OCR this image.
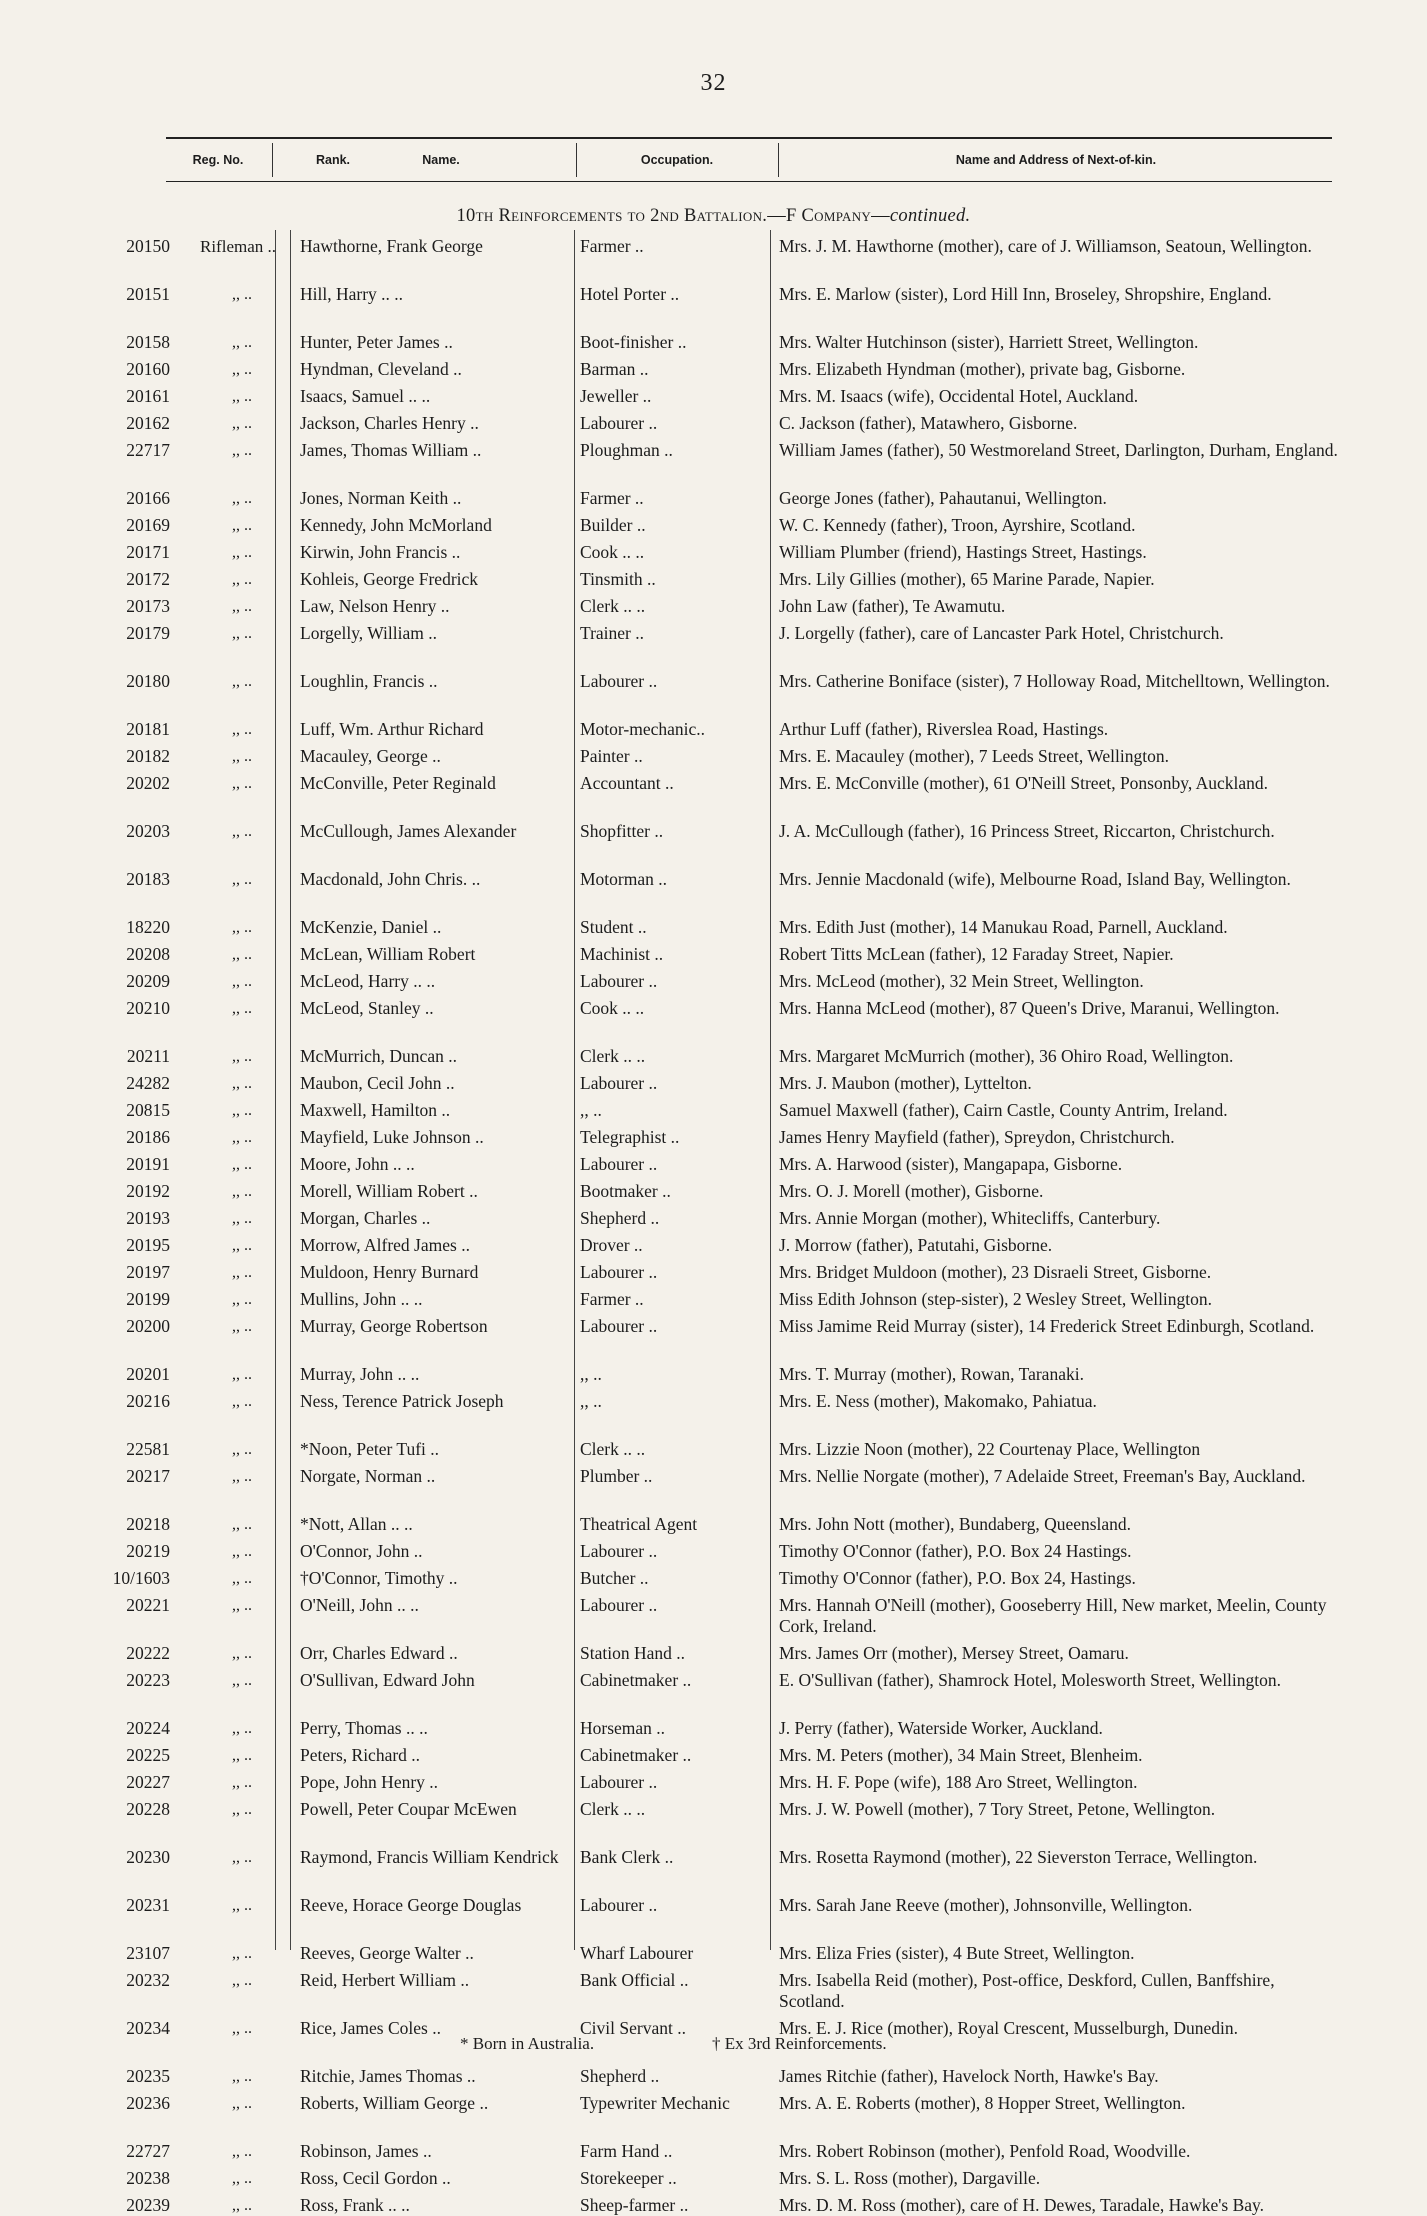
32
Reg. No.	Rank.	Name.	Occupation.	Name and Address of Next-of-kin.
10th Reinforcements to 2nd Battalion.—F Company—continued.
20150 Rifleman ..	Hawthorne, Frank George	Farmer ..	Mrs. J. M. Hawthorne (mother), care of J. Williamson, Seatoun, Wellington.
20151	,, ..	Hill, Harry .. ..	Hotel Porter ..	Mrs. E. Marlow (sister), Lord Hill Inn, Broseley, Shropshire, England.
20158	,, ..	Hunter, Peter James ..	Boot-finisher ..	Mrs. Walter Hutchinson (sister), Harriett Street, Wellington.
20160	,, ..	Hyndman, Cleveland ..	Barman ..	Mrs. Elizabeth Hyndman (mother), private bag, Gisborne.
20161	,, ..	Isaacs, Samuel .. ..	Jeweller ..	Mrs. M. Isaacs (wife), Occidental Hotel, Auckland.
20162	,, ..	Jackson, Charles Henry ..	Labourer ..	C. Jackson (father), Matawhero, Gisborne.
22717	,, ..	James, Thomas William ..	Ploughman ..	William James (father), 50 Westmoreland Street, Darlington, Durham, England.
20166	,, ..	Jones, Norman Keith ..	Farmer ..	George Jones (father), Pahautanui, Wellington.
20169	,, ..	Kennedy, John McMorland	Builder ..	W. C. Kennedy (father), Troon, Ayrshire, Scotland.
20171	,, ..	Kirwin, John Francis ..	Cook .. ..	William Plumber (friend), Hastings Street, Hastings.
20172	,, ..	Kohleis, George Fredrick	Tinsmith ..	Mrs. Lily Gillies (mother), 65 Marine Parade, Napier.
20173	,, ..	Law, Nelson Henry ..	Clerk .. ..	John Law (father), Te Awamutu.
20179	,, ..	Lorgelly, William ..	Trainer ..	J. Lorgelly (father), care of Lancaster Park Hotel, Christchurch.
20180	,, ..	Loughlin, Francis ..	Labourer ..	Mrs. Catherine Boniface (sister), 7 Holloway Road, Mitchelltown, Wellington.
20181	,, ..	Luff, Wm. Arthur Richard	Motor-mechanic..	Arthur Luff (father), Riverslea Road, Hastings.
20182	,, ..	Macauley, George ..	Painter ..	Mrs. E. Macauley (mother), 7 Leeds Street, Wellington.
20202	,, ..	McConville, Peter Reginald	Accountant ..	Mrs. E. McConville (mother), 61 O'Neill Street, Ponsonby, Auckland.
20203	,, ..	McCullough, James Alexander	Shopfitter ..	J. A. McCullough (father), 16 Princess Street, Riccarton, Christchurch.
20183	,, ..	Macdonald, John Chris. ..	Motorman ..	Mrs. Jennie Macdonald (wife), Melbourne Road, Island Bay, Wellington.
18220	,, ..	McKenzie, Daniel ..	Student ..	Mrs. Edith Just (mother), 14 Manukau Road, Parnell, Auckland.
20208	,, ..	McLean, William Robert	Machinist ..	Robert Titts McLean (father), 12 Faraday Street, Napier.
20209	,, ..	McLeod, Harry .. ..	Labourer ..	Mrs. McLeod (mother), 32 Mein Street, Wellington.
20210	,, ..	McLeod, Stanley ..	Cook .. ..	Mrs. Hanna McLeod (mother), 87 Queen's Drive, Maranui, Wellington.
20211	,, ..	McMurrich, Duncan ..	Clerk .. ..	Mrs. Margaret McMurrich (mother), 36 Ohiro Road, Wellington.
24282	,, ..	Maubon, Cecil John ..	Labourer ..	Mrs. J. Maubon (mother), Lyttelton.
20815	,, ..	Maxwell, Hamilton ..	,, ..	Samuel Maxwell (father), Cairn Castle, County Antrim, Ireland.
20186	,, ..	Mayfield, Luke Johnson ..	Telegraphist ..	James Henry Mayfield (father), Spreydon, Christchurch.
20191	,, ..	Moore, John .. ..	Labourer ..	Mrs. A. Harwood (sister), Mangapapa, Gisborne.
20192	,, ..	Morell, William Robert ..	Bootmaker ..	Mrs. O. J. Morell (mother), Gisborne.
20193	,, ..	Morgan, Charles ..	Shepherd ..	Mrs. Annie Morgan (mother), Whitecliffs, Canterbury.
20195	,, ..	Morrow, Alfred James ..	Drover ..	J. Morrow (father), Patutahi, Gisborne.
20197	,, ..	Muldoon, Henry Burnard	Labourer ..	Mrs. Bridget Muldoon (mother), 23 Disraeli Street, Gisborne.
20199	,, ..	Mullins, John .. ..	Farmer ..	Miss Edith Johnson (step-sister), 2 Wesley Street, Wellington.
20200	,, ..	Murray, George Robertson	Labourer ..	Miss Jamime Reid Murray (sister), 14 Frederick Street Edinburgh, Scotland.
20201	,, ..	Murray, John .. ..	,, ..	Mrs. T. Murray (mother), Rowan, Taranaki.
20216	,, ..	Ness, Terence Patrick Joseph	,, ..	Mrs. E. Ness (mother), Makomako, Pahiatua.
22581	,, ..	*Noon, Peter Tufi ..	Clerk .. ..	Mrs. Lizzie Noon (mother), 22 Courtenay Place, Wellington
20217	,, ..	Norgate, Norman ..	Plumber ..	Mrs. Nellie Norgate (mother), 7 Adelaide Street, Freeman's Bay, Auckland.
20218	,, ..	*Nott, Allan .. ..	Theatrical Agent	Mrs. John Nott (mother), Bundaberg, Queensland.
20219	,, ..	O'Connor, John ..	Labourer ..	Timothy O'Connor (father), P.O. Box 24 Hastings.
10/1603	,, ..	†O'Connor, Timothy ..	Butcher ..	Timothy O'Connor (father), P.O. Box 24, Hastings.
20221	,, ..	O'Neill, John .. ..	Labourer ..	Mrs. Hannah O'Neill (mother), Gooseberry Hill, New market, Meelin, County Cork, Ireland.
20222	,, ..	Orr, Charles Edward ..	Station Hand ..	Mrs. James Orr (mother), Mersey Street, Oamaru.
20223	,, ..	O'Sullivan, Edward John	Cabinetmaker ..	E. O'Sullivan (father), Shamrock Hotel, Molesworth Street, Wellington.
20224	,, ..	Perry, Thomas .. ..	Horseman ..	J. Perry (father), Waterside Worker, Auckland.
20225	,, ..	Peters, Richard ..	Cabinetmaker ..	Mrs. M. Peters (mother), 34 Main Street, Blenheim.
20227	,, ..	Pope, John Henry ..	Labourer ..	Mrs. H. F. Pope (wife), 188 Aro Street, Wellington.
20228	,, ..	Powell, Peter Coupar McEwen	Clerk .. ..	Mrs. J. W. Powell (mother), 7 Tory Street, Petone, Wellington.
20230	,, ..	Raymond, Francis William Kendrick	Bank Clerk ..	Mrs. Rosetta Raymond (mother), 22 Sieverston Terrace, Wellington.
20231	,, ..	Reeve, Horace George Douglas	Labourer ..	Mrs. Sarah Jane Reeve (mother), Johnsonville, Wellington.
23107	,, ..	Reeves, George Walter ..	Wharf Labourer	Mrs. Eliza Fries (sister), 4 Bute Street, Wellington.
20232	,, ..	Reid, Herbert William ..	Bank Official ..	Mrs. Isabella Reid (mother), Post-office, Deskford, Cullen, Banffshire, Scotland.
20234	,, ..	Rice, James Coles ..	Civil Servant ..	Mrs. E. J. Rice (mother), Royal Crescent, Musselburgh, Dunedin.
20235	,, ..	Ritchie, James Thomas ..	Shepherd ..	James Ritchie (father), Havelock North, Hawke's Bay.
20236	,, ..	Roberts, William George ..	Typewriter Mechanic	Mrs. A. E. Roberts (mother), 8 Hopper Street, Wellington.
22727	,, ..	Robinson, James ..	Farm Hand ..	Mrs. Robert Robinson (mother), Penfold Road, Woodville.
20238	,, ..	Ross, Cecil Gordon ..	Storekeeper ..	Mrs. S. L. Ross (mother), Dargaville.
20239	,, ..	Ross, Frank .. ..	Sheep-farmer ..	Mrs. D. M. Ross (mother), care of H. Dewes, Taradale, Hawke's Bay.
* Born in Australia.	† Ex 3rd Reinforcements.
